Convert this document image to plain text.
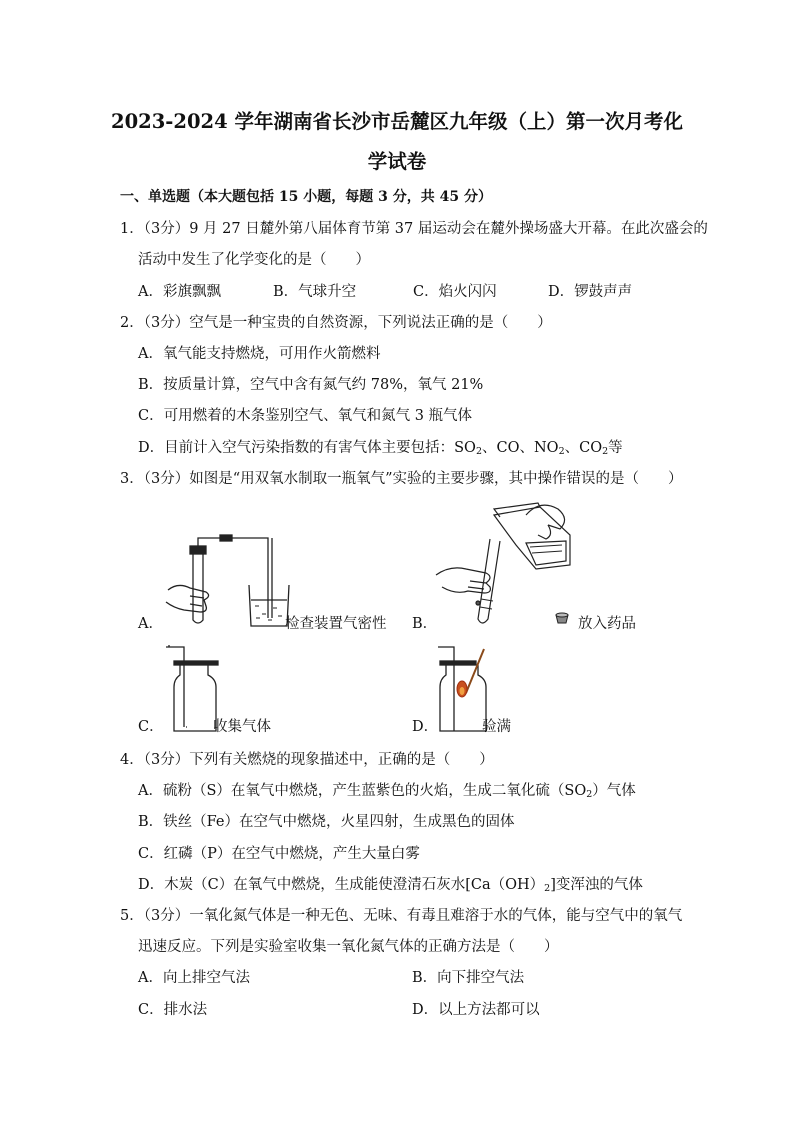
2023-2024 学年湖南省长沙市岳麓区九年级（上）第一次月考化
学试卷
一、单选题（本大题包括 15 小题，每题 3 分，共 45 分）
1．（3分）9 月 27 日麓外第八届体育节第 37 届运动会在麓外操场盛大开幕。在此次盛会的
活动中发生了化学变化的是（　　）
A．彩旗飘飘	B．气球升空	C．焰火闪闪	D．锣鼓声声
2．（3分）空气是一种宝贵的自然资源，下列说法正确的是（　　）
A．氧气能支持燃烧，可用作火箭燃料
B．按质量计算，空气中含有氮气约 78%，氧气 21%
C．可用燃着的木条鉴别空气、氧气和氮气 3 瓶气体
D．目前计入空气污染指数的有害气体主要包括：$SO_2$、CO、$NO_2$、$CO_2$等
3．（3分）如图是“用双氧水制取一瓶氧气”实验的主要步骤，其中操作错误的是（　　）
A．	检查装置气密性 B．	放入药品
C．	收集气体	D．	验满
4．（3分）下列有关燃烧的现象描述中，正确的是（　　）
A．硫粉（S）在氧气中燃烧，产生蓝紫色的火焰，生成二氧化硫$(SO_2)$气体
B．铁丝（Fe）在空气中燃烧，火星四射，生成黑色的固体
C．红磷（P）在空气中燃烧，产生大量白雾
D．木炭（C）在氧气中燃烧，生成能使澄清石灰水$[Ca(OH)_2]$变浑浊的气体
5．（3分）一氧化氮气体是一种无色、无味、有毒且难溶于水的气体，能与空气中的氧气
迅速反应。下列是实验室收集一氧化氮气体的正确方法是（　　）
A．向上排空气法	B．向下排空气法
C．排水法	D．以上方法都可以
